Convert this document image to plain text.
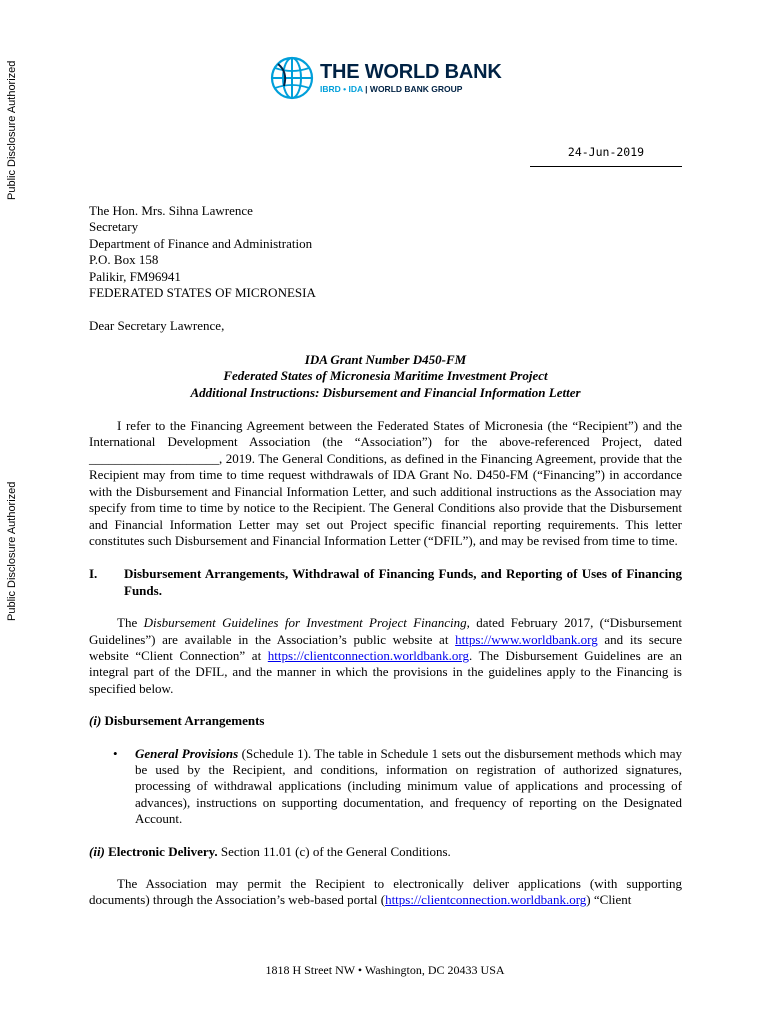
Public Disclosure Authorized
Public Disclosure Authorized
THE WORLD BANK
IBRD • IDA | WORLD BANK GROUP
24-Jun-2019
The Hon. Mrs. Sihna Lawrence
Secretary
Department of Finance and Administration
P.O. Box 158
Palikir, FM96941
FEDERATED STATES OF MICRONESIA
Dear Secretary Lawrence,
IDA Grant Number D450-FM
Federated States of Micronesia Maritime Investment Project
Additional Instructions: Disbursement and Financial Information Letter

I refer to the Financing Agreement between the Federated States of Micronesia (the “Recipient”) and the International Development Association (the “Association”) for the above-referenced Project, dated ____________________, 2019. The General Conditions, as defined in the Financing Agreement, provide that the Recipient may from time to time request withdrawals of IDA Grant No. D450-FM (“Financing”) in accordance with the Disbursement and Financial Information Letter, and such additional instructions as the Association may specify from time to time by notice to the Recipient. The General Conditions also provide that the Disbursement and Financial Information Letter may set out Project specific financial reporting requirements. This letter constitutes such Disbursement and Financial Information Letter (“DFIL”), and may be revised from time to time.

I.	Disbursement Arrangements, Withdrawal of Financing Funds, and Reporting of Uses of Financing Funds.

The Disbursement Guidelines for Investment Project Financing, dated February 2017, (“Disbursement Guidelines”) are available in the Association’s public website at https://www.worldbank.org and its secure website “Client Connection” at https://clientconnection.worldbank.org. The Disbursement Guidelines are an integral part of the DFIL, and the manner in which the provisions in the guidelines apply to the Financing is specified below.

(i) Disbursement Arrangements
•	General Provisions (Schedule 1). The table in Schedule 1 sets out the disbursement methods which may be used by the Recipient, and conditions, information on registration of authorized signatures, processing of withdrawal applications (including minimum value of applications and processing of advances), instructions on supporting documentation, and frequency of reporting on the Designated Account.

(ii) Electronic Delivery. Section 11.01 (c) of the General Conditions.

The Association may permit the Recipient to electronically deliver applications (with supporting documents) through the Association’s web-based portal (https://clientconnection.worldbank.org) “Client

1818 H Street NW • Washington, DC 20433 USA
